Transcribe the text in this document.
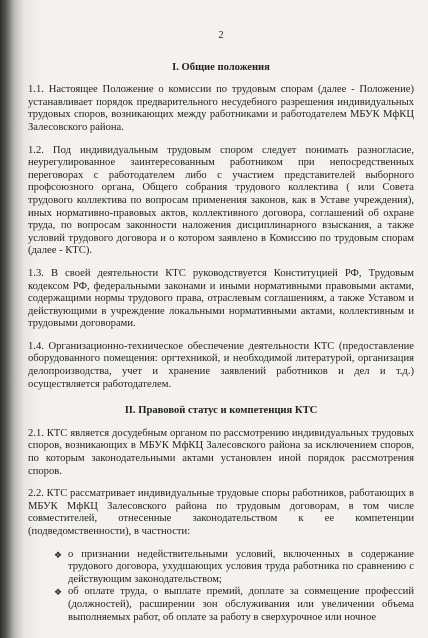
2
I. Общие положения

1.1. Настоящее Положение о комиссии по трудовым спорам (далее - Положение) устанавливает порядок предварительного несудебного разрешения индивидуальных трудовых споров, возникающих между работниками и работодателем МБУК МфКЦ Залесовского района.

1.2. Под индивидуальным трудовым спором следует понимать разногласие, неурегулированное заинтересованным работником при непосредственных переговорах с работодателем либо с участием представителей выборного профсоюзного органа, Общего собрания трудового коллектива ( или Совета трудового коллектива по вопросам применения законов, как в Уставе учреждения), иных нормативно-правовых актов, коллективного договора, соглашений об охране труда, по вопросам законности наложения дисциплинарного взыскания, а также условий трудового договора и о котором заявлено в Комиссию по трудовым спорам (далее - КТС).

1.3. В своей деятельности КТС руководствуется Конституцией РФ, Трудовым кодексом РФ, федеральными законами и иными нормативными правовыми актами, содержащими нормы трудового права, отраслевым соглашениям, а также Уставом и действующими в учреждение локальными нормативными актами, коллективным и трудовыми договорами.

1.4. Организационно-техническое обеспечение деятельности КТС (предоставление оборудованного помещения: оргтехникой, и необходимой литературой, организация делопроизводства, учет и хранение заявлений работников и дел и т.д.) осуществляется работодателем.

II. Правовой статус и компетенция КТС

2.1. КТС является досудебным органом по рассмотрению индивидуальных трудовых споров, возникающих в МБУК МфКЦ Залесовского района за исключением споров, по которым законодательными актами установлен иной порядок рассмотрения споров.

2.2. КТС рассматривает индивидуальные трудовые споры работников, работающих в МБУК МфКЦ Залесовского района по трудовым договорам, в том числе совместителей, отнесенные законодательством к ее компетенции (подведомственности), в частности:

❖ о признании недействительными условий, включенных в содержание трудового договора, ухудшающих условия труда работника по сравнению с действующим законодательством;
❖ об оплате труда, о выплате премий, доплате за совмещение профессий (должностей), расширении зон обслуживания или увеличении объема выполняемых работ, об оплате за работу в сверхурочное или ночное
